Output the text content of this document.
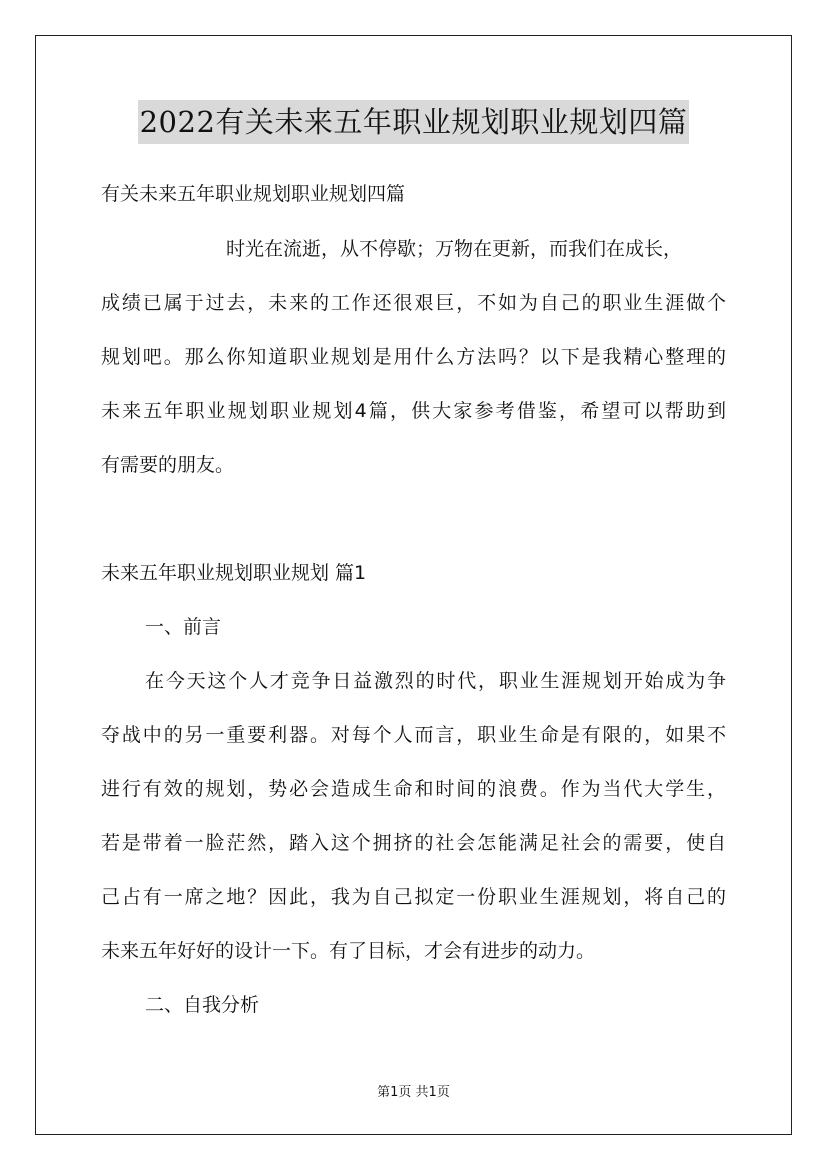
2022有关未来五年职业规划职业规划四篇
有关未来五年职业规划职业规划四篇
时光在流逝，从不停歇；万物在更新，而我们在成长，
成绩已属于过去，未来的工作还很艰巨，不如为自己的职业生涯做个
规划吧。那么你知道职业规划是用什么方法吗？以下是我精心整理的
未来五年职业规划职业规划4篇，供大家参考借鉴，希望可以帮助到
有需要的朋友。
未来五年职业规划职业规划 篇1
一、前言
在今天这个人才竞争日益激烈的时代，职业生涯规划开始成为争
夺战中的另一重要利器。对每个人而言，职业生命是有限的，如果不
进行有效的规划，势必会造成生命和时间的浪费。作为当代大学生，
若是带着一脸茫然，踏入这个拥挤的社会怎能满足社会的需要，使自
己占有一席之地？因此，我为自己拟定一份职业生涯规划，将自己的
未来五年好好的设计一下。有了目标，才会有进步的动力。
二、自我分析
第1页 共1页
